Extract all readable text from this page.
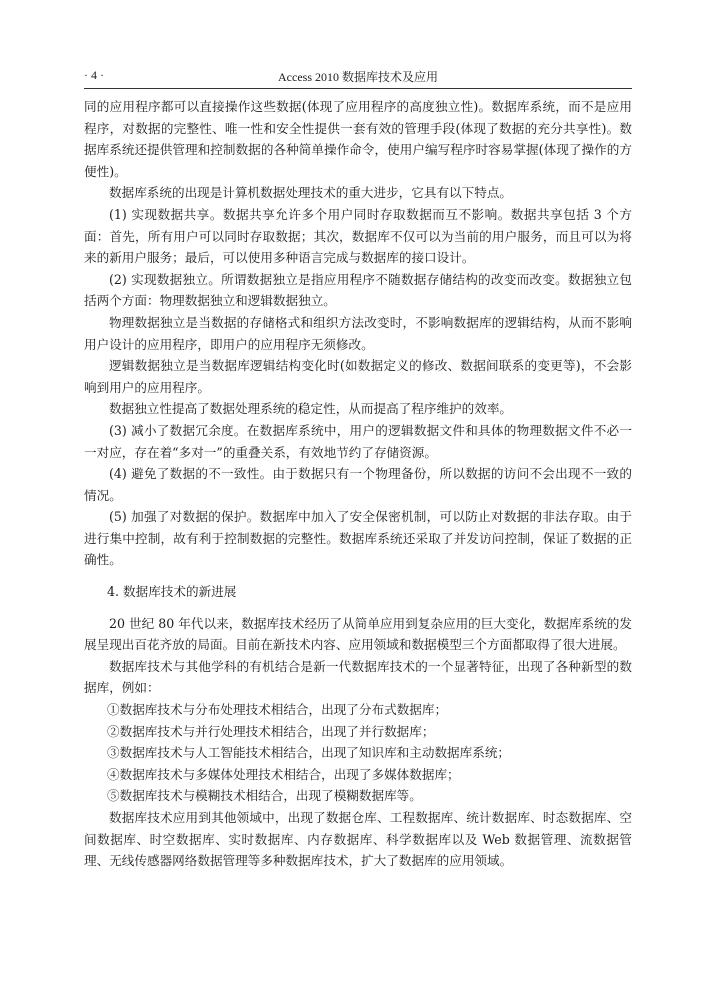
· 4 ·	Access 2010 数据库技术及应用

同的应用程序都可以直接操作这些数据(体现了应用程序的高度独立性)。数据库系统，而不是应用程序，对数据的完整性、唯一性和安全性提供一套有效的管理手段(体现了数据的充分共享性)。数据库系统还提供管理和控制数据的各种简单操作命令，使用户编写程序时容易掌握(体现了操作的方便性)。

数据库系统的出现是计算机数据处理技术的重大进步，它具有以下特点。

(1) 实现数据共享。数据共享允许多个用户同时存取数据而互不影响。数据共享包括 3 个方面：首先，所有用户可以同时存取数据；其次，数据库不仅可以为当前的用户服务，而且可以为将来的新用户服务；最后，可以使用多种语言完成与数据库的接口设计。

(2) 实现数据独立。所谓数据独立是指应用程序不随数据存储结构的改变而改变。数据独立包括两个方面：物理数据独立和逻辑数据独立。

物理数据独立是当数据的存储格式和组织方法改变时，不影响数据库的逻辑结构，从而不影响用户设计的应用程序，即用户的应用程序无须修改。

逻辑数据独立是当数据库逻辑结构变化时(如数据定义的修改、数据间联系的变更等)，不会影响到用户的应用程序。

数据独立性提高了数据处理系统的稳定性，从而提高了程序维护的效率。

(3) 减小了数据冗余度。在数据库系统中，用户的逻辑数据文件和具体的物理数据文件不必一一对应，存在着“多对一”的重叠关系，有效地节约了存储资源。

(4) 避免了数据的不一致性。由于数据只有一个物理备份，所以数据的访问不会出现不一致的情况。

(5) 加强了对数据的保护。数据库中加入了安全保密机制，可以防止对数据的非法存取。由于进行集中控制，故有利于控制数据的完整性。数据库系统还采取了并发访问控制，保证了数据的正确性。

4. 数据库技术的新进展

20 世纪 80 年代以来，数据库技术经历了从简单应用到复杂应用的巨大变化，数据库系统的发展呈现出百花齐放的局面。目前在新技术内容、应用领域和数据模型三个方面都取得了很大进展。

数据库技术与其他学科的有机结合是新一代数据库技术的一个显著特征，出现了各种新型的数据库，例如：

①数据库技术与分布处理技术相结合，出现了分布式数据库；

②数据库技术与并行处理技术相结合，出现了并行数据库；

③数据库技术与人工智能技术相结合，出现了知识库和主动数据库系统；

④数据库技术与多媒体处理技术相结合，出现了多媒体数据库；

⑤数据库技术与模糊技术相结合，出现了模糊数据库等。

数据库技术应用到其他领域中，出现了数据仓库、工程数据库、统计数据库、时态数据库、空间数据库、时空数据库、实时数据库、内存数据库、科学数据库以及 Web 数据管理、流数据管理、无线传感器网络数据管理等多种数据库技术，扩大了数据库的应用领域。
